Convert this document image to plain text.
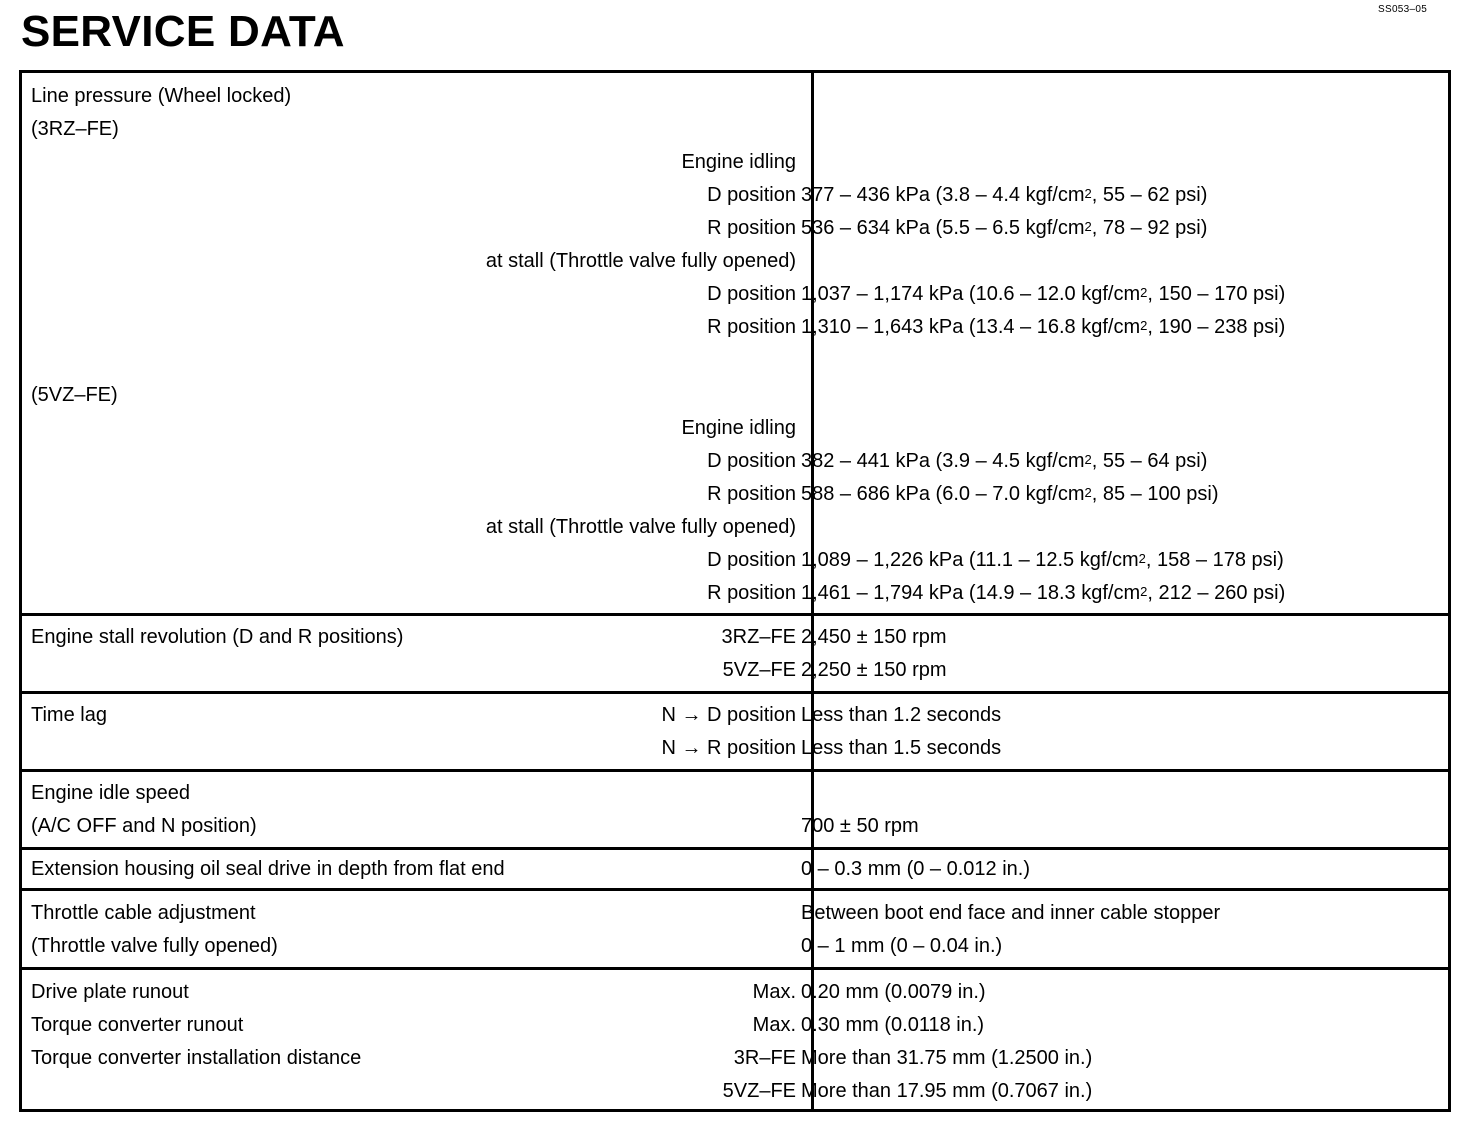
SS053–05
SERVICE DATA
Line pressure (Wheel locked)
(3RZ–FE)
Engine idling
D position 377 – 436 kPa (3.8 – 4.4 kgf/$cm^2$, 55 – 62 psi)
R position 536 – 634 kPa (5.5 – 6.5 kgf/$cm^2$, 78 – 92 psi)
at stall (Throttle valve fully opened)
D position 1,037 – 1,174 kPa (10.6 – 12.0 kgf/$cm^2$, 150 – 170 psi)
R position 1,310 – 1,643 kPa (13.4 – 16.8 kgf/$cm^2$, 190 – 238 psi)
(5VZ–FE)
Engine idling
D position 382 – 441 kPa (3.9 – 4.5 kgf/$cm^2$, 55 – 64 psi)
R position 588 – 686 kPa (6.0 – 7.0 kgf/$cm^2$, 85 – 100 psi)
at stall (Throttle valve fully opened)
D position 1,089 – 1,226 kPa (11.1 – 12.5 kgf/$cm^2$, 158 – 178 psi)
R position 1,461 – 1,794 kPa (14.9 – 18.3 kgf/$cm^2$, 212 – 260 psi)
Engine stall revolution (D and R positions)	3RZ–FE 2,450 ± 150 rpm
5VZ–FE 2,250 ± 150 rpm
Time lag	N → D position Less than 1.2 seconds
N → R position Less than 1.5 seconds
Engine idle speed
(A/C OFF and N position)	700 ± 50 rpm
Extension housing oil seal drive in depth from flat end	0 – 0.3 mm (0 – 0.012 in.)
Throttle cable adjustment	Between boot end face and inner cable stopper
(Throttle valve fully opened)	0 – 1 mm (0 – 0.04 in.)
Drive plate runout	Max. 0.20 mm (0.0079 in.)
Torque converter runout	Max. 0.30 mm (0.0118 in.)
Torque converter installation distance	3R–FE More than 31.75 mm (1.2500 in.)
5VZ–FE More than 17.95 mm (0.7067 in.)
